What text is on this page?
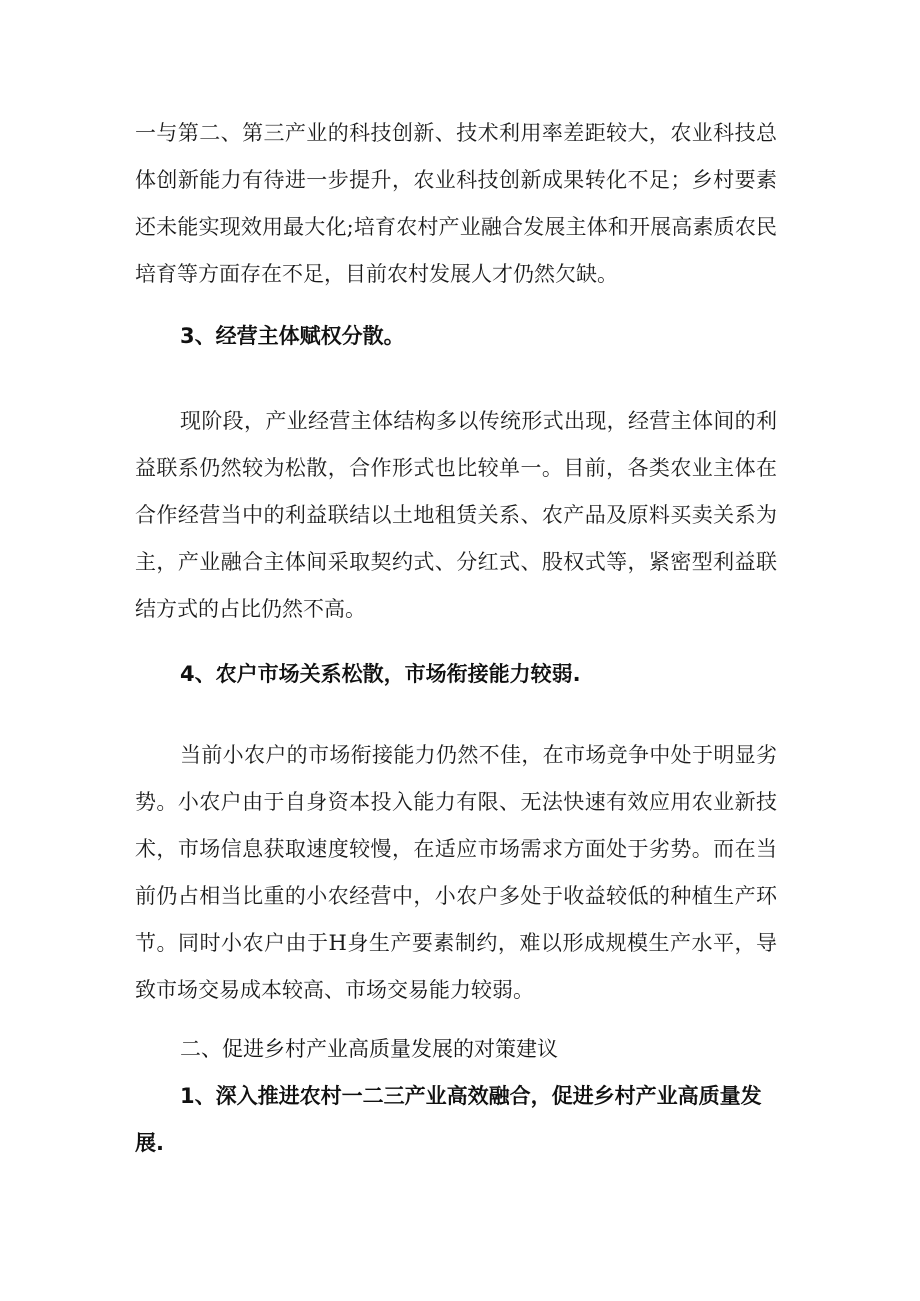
一与第二、第三产业的科技创新、技术利用率差距较大，农业科技总体创新能力有待进一步提升，农业科技创新成果转化不足；乡村要素还未能实现效用最大化;培育农村产业融合发展主体和开展高素质农民培育等方面存在不足，目前农村发展人才仍然欠缺。

3、经营主体赋权分散。

现阶段，产业经营主体结构多以传统形式出现，经营主体间的利益联系仍然较为松散，合作形式也比较单一。目前，各类农业主体在合作经营当中的利益联结以土地租赁关系、农产品及原料买卖关系为主，产业融合主体间采取契约式、分红式、股权式等，紧密型利益联结方式的占比仍然不高。

4、农户市场关系松散，市场衔接能力较弱.

当前小农户的市场衔接能力仍然不佳，在市场竞争中处于明显劣势。小农户由于自身资本投入能力有限、无法快速有效应用农业新技术，市场信息获取速度较慢，在适应市场需求方面处于劣势。而在当前仍占相当比重的小农经营中，小农户多处于收益较低的种植生产环节。同时小农户由于H身生产要素制约，难以形成规模生产水平，导致市场交易成本较高、市场交易能力较弱。

二、促进乡村产业高质量发展的对策建议

1、深入推进农村一二三产业高效融合，促进乡村产业高质量发展.
